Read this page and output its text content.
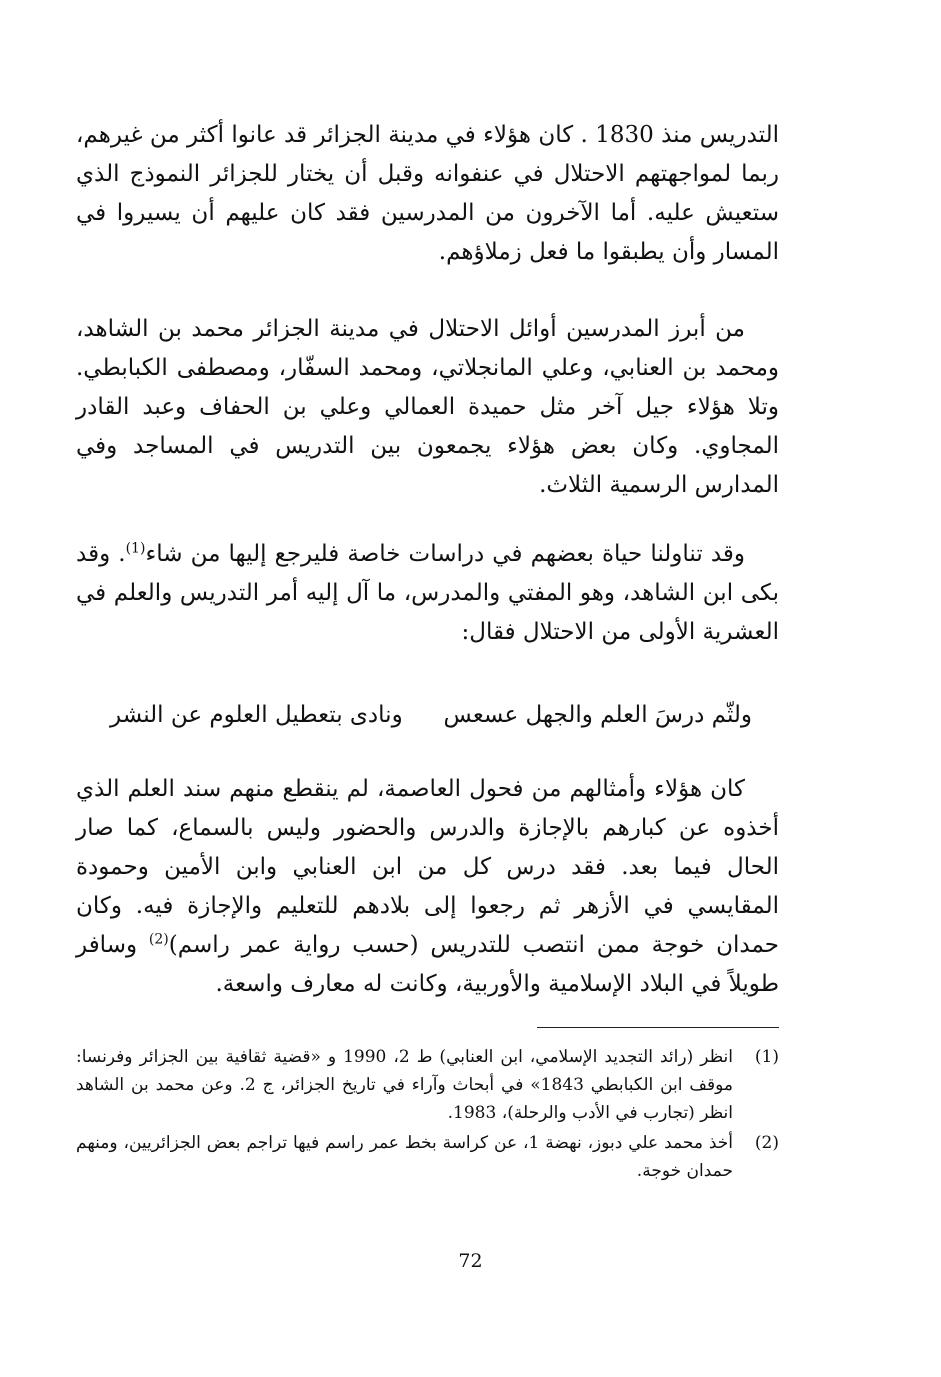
التدريس منذ 1830 . كان هؤلاء في مدينة الجزائر قد عانوا أكثر من غيرهم، ربما لمواجهتهم الاحتلال في عنفوانه وقبل أن يختار للجزائر النموذج الذي ستعيش عليه. أما الآخرون من المدرسين فقد كان عليهم أن يسيروا في المسار وأن يطبقوا ما فعل زملاؤهم.

من أبرز المدرسين أوائل الاحتلال في مدينة الجزائر محمد بن الشاهد، ومحمد بن العنابي، وعلي المانجلاتي، ومحمد السفّار، ومصطفى الكبابطي. وتلا هؤلاء جيل آخر مثل حميدة العمالي وعلي بن الحفاف وعبد القادر المجاوي. وكان بعض هؤلاء يجمعون بين التدريس في المساجد وفي المدارس الرسمية الثلاث.

وقد تناولنا حياة بعضهم في دراسات خاصة فليرجع إليها من شاء$^{(1)}$. وقد بكى ابن الشاهد، وهو المفتي والمدرس، ما آل إليه أمر التدريس والعلم في العشرية الأولى من الاحتلال فقال:

كان هؤلاء وأمثالهم من فحول العاصمة، لم ينقطع منهم سند العلم الذي أخذوه عن كبارهم بالإجازة والدرس والحضور وليس بالسماع، كما صار الحال فيما بعد. فقد درس كل من ابن العنابي وابن الأمين وحمودة المقايسي في الأزهر ثم رجعوا إلى بلادهم للتعليم والإجازة فيه. وكان حمدان خوجة ممن انتصب للتدريس (حسب رواية عمر راسم)$^{(2)}$ وسافر طويلاً في البلاد الإسلامية والأوربية، وكانت له معارف واسعة.

ولثّم درسَ العلم والجهل عسعس
ونادى بتعطيل العلوم عن النشر

(1)
انظر (رائد التجديد الإسلامي، ابن العنابي) ط 2، 1990 و «قضية ثقافية بين الجزائر وفرنسا: موقف ابن الكبابطي 1843» في أبحاث وآراء في تاريخ الجزائر، ج 2. وعن محمد بن الشاهد انظر (تجارب في الأدب والرحلة)، 1983.

(2)
أخذ محمد علي دبوز، نهضة 1، عن كراسة بخط عمر راسم فيها تراجم بعض الجزائريين، ومنهم حمدان خوجة.

72
